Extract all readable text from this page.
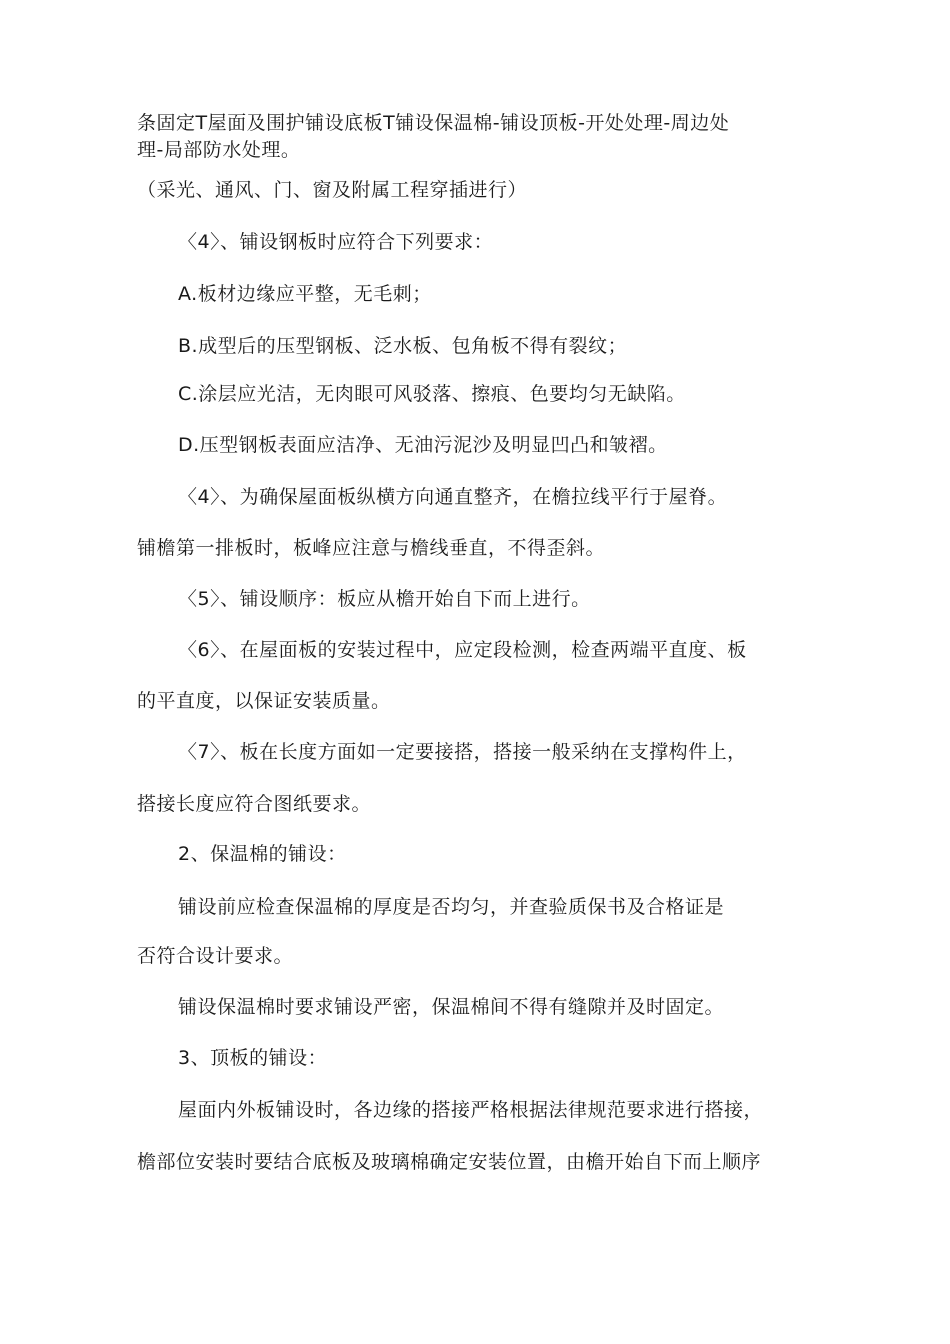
条固定T屋面及围护铺设底板T铺设保温棉-铺设顶板-开处处理-周边处
理-局部防水处理。
（采光、通风、门、窗及附属工程穿插进行）
〈4〉、铺设钢板时应符合下列要求：
A.板材边缘应平整，无毛刺；
B.成型后的压型钢板、泛水板、包角板不得有裂纹；
C.涂层应光洁，无肉眼可风驳落、擦痕、色要均匀无缺陷。
D.压型钢板表面应洁净、无油污泥沙及明显凹凸和皱褶。
〈4〉、为确保屋面板纵横方向通直整齐，在檐拉线平行于屋脊。
铺檐第一排板时，板峰应注意与檐线垂直，不得歪斜。
〈5〉、铺设顺序：板应从檐开始自下而上进行。
〈6〉、在屋面板的安装过程中，应定段检测，检查两端平直度、板
的平直度，以保证安装质量。
〈7〉、板在长度方面如一定要接搭，搭接一般采纳在支撑构件上，
搭接长度应符合图纸要求。
2、保温棉的铺设：
铺设前应检查保温棉的厚度是否均匀，并查验质保书及合格证是
否符合设计要求。
铺设保温棉时要求铺设严密，保温棉间不得有缝隙并及时固定。
3、顶板的铺设：
屋面内外板铺设时，各边缘的搭接严格根据法律规范要求进行搭接，
檐部位安装时要结合底板及玻璃棉确定安装位置，由檐开始自下而上顺序
